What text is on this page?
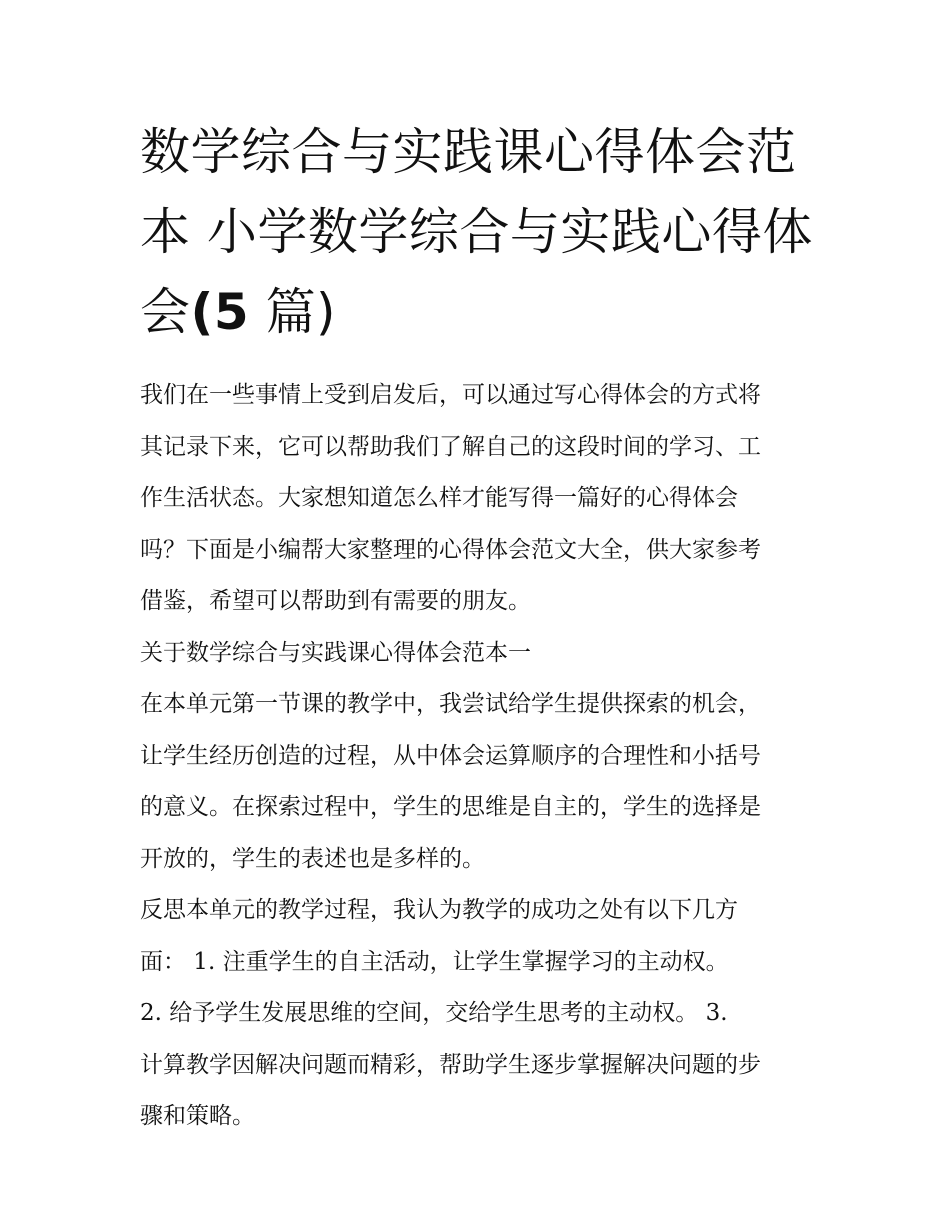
数学综合与实践课心得体会范
本 小学数学综合与实践心得体
会(5 篇)
我们在一些事情上受到启发后，可以通过写心得体会的方式将
其记录下来，它可以帮助我们了解自己的这段时间的学习、工
作生活状态。大家想知道怎么样才能写得一篇好的心得体会
吗？下面是小编帮大家整理的心得体会范文大全，供大家参考
借鉴，希望可以帮助到有需要的朋友。
关于数学综合与实践课心得体会范本一
在本单元第一节课的教学中，我尝试给学生提供探索的机会，
让学生经历创造的过程，从中体会运算顺序的合理性和小括号
的意义。在探索过程中，学生的思维是自主的，学生的选择是
开放的，学生的表述也是多样的。
反思本单元的教学过程，我认为教学的成功之处有以下几方
面： 1. 注重学生的自主活动，让学生掌握学习的主动权。
2. 给予学生发展思维的空间，交给学生思考的主动权。 3.
计算教学因解决问题而精彩，帮助学生逐步掌握解决问题的步
骤和策略。
